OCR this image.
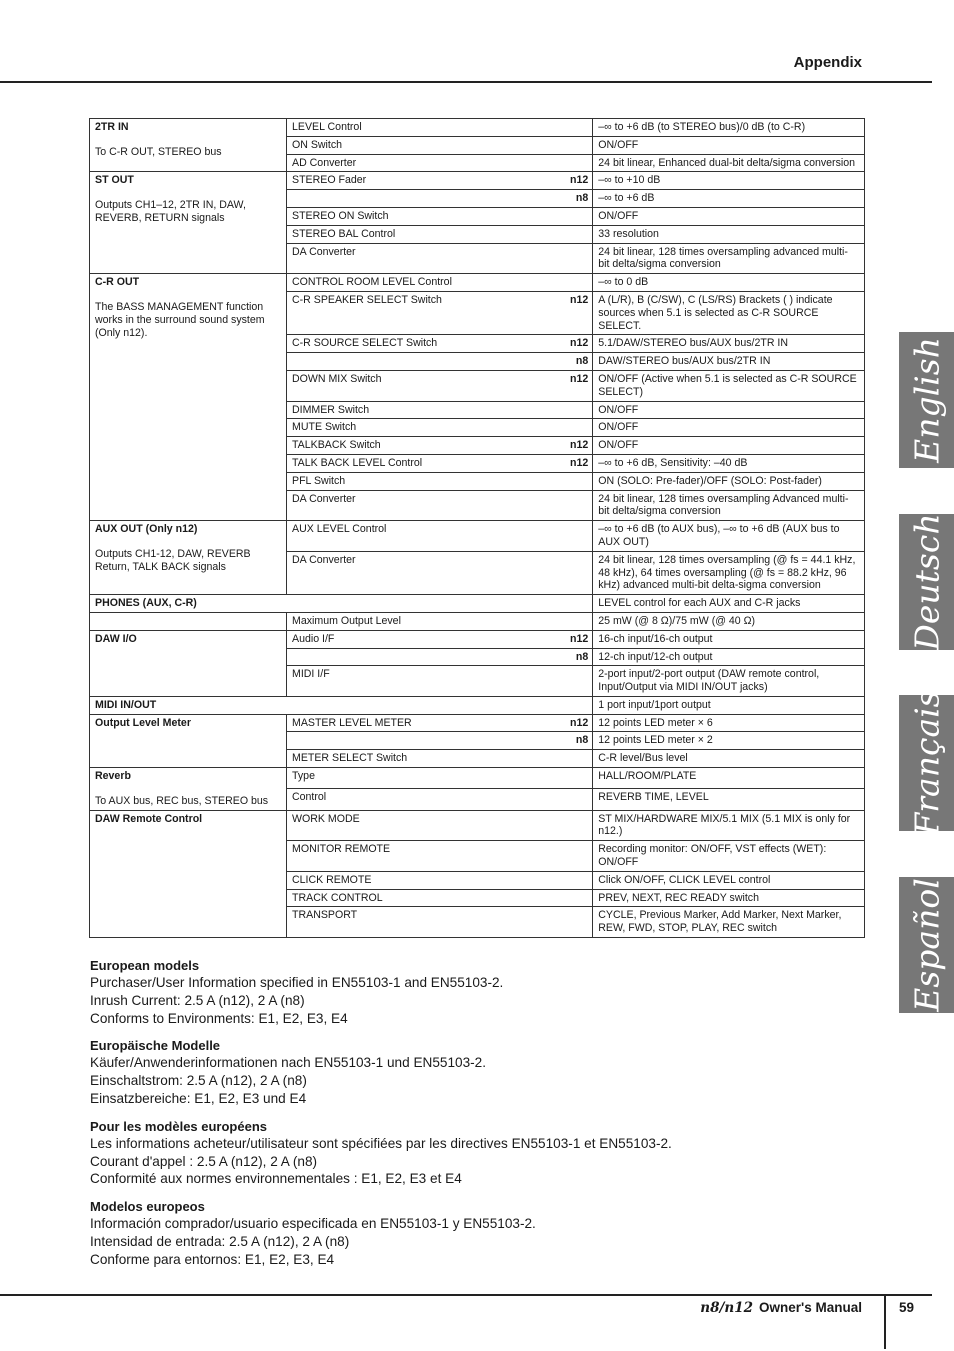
Appendix
2TR IN
To C-R OUT, STEREO bus	LEVEL Control		–∞ to +6 dB (to STEREO bus)/0 dB (to C-R)
	ON Switch		ON/OFF
	AD Converter		24 bit linear, Enhanced dual-bit delta/sigma conversion

ST OUT
Outputs CH1–12, 2TR IN, DAW, REVERB, RETURN signals	STEREO Fader	n12	–∞ to +10 dB
		n8	–∞ to +6 dB
	STEREO ON Switch		ON/OFF
	STEREO BAL Control		33 resolution
	DA Converter		24 bit linear, 128 times oversampling advanced multi-bit delta/sigma conversion

C-R OUT
The BASS MANAGEMENT function works in the surround sound system (Only n12).	CONTROL ROOM LEVEL Control		–∞ to 0 dB
	C-R SPEAKER SELECT Switch	n12	A (L/R), B (C/SW), C (LS/RS) Brackets ( ) indicate sources when 5.1 is selected as C-R SOURCE SELECT.
	C-R SOURCE SELECT Switch	n12	5.1/DAW/STEREO bus/AUX bus/2TR IN
		n8	DAW/STEREO bus/AUX bus/2TR IN
	DOWN MIX Switch	n12	ON/OFF (Active when 5.1 is selected as C-R SOURCE SELECT)
	DIMMER Switch		ON/OFF
	MUTE Switch		ON/OFF
	TALKBACK Switch	n12	ON/OFF
	TALK BACK LEVEL Control	n12	–∞ to +6 dB, Sensitivity: –40 dB
	PFL Switch		ON (SOLO: Pre-fader)/OFF (SOLO: Post-fader)
	DA Converter		24 bit linear, 128 times oversampling Advanced multi-bit delta/sigma conversion

AUX OUT (Only n12)
Outputs CH1-12, DAW, REVERB Return, TALK BACK signals	AUX LEVEL Control		–∞ to +6 dB (to AUX bus), –∞ to +6 dB (AUX bus to AUX OUT)
	DA Converter		24 bit linear, 128 times oversampling (@ fs = 44.1 kHz, 48 kHz), 64 times oversampling (@ fs = 88.2 kHz, 96 kHz) advanced multi-bit delta-sigma conversion

PHONES (AUX, C-R)			LEVEL control for each AUX and C-R jacks
	Maximum Output Level		25 mW (@ 8 Ω)/75 mW (@ 40 Ω)

DAW I/O	Audio I/F	n12	16-ch input/16-ch output
		n8	12-ch input/12-ch output
	MIDI I/F		2-port input/2-port output (DAW remote control, Input/Output via MIDI IN/OUT jacks)

MIDI IN/OUT			1 port input/1port output

Output Level Meter	MASTER LEVEL METER	n12	12 points LED meter × 6
		n8	12 points LED meter × 2
	METER SELECT Switch		C-R level/Bus level

Reverb
To AUX bus, REC bus, STEREO bus	Type		HALL/ROOM/PLATE
	Control		REVERB TIME, LEVEL

DAW Remote Control	WORK MODE		ST MIX/HARDWARE MIX/5.1 MIX (5.1 MIX is only for n12.)
	MONITOR REMOTE		Recording monitor: ON/OFF, VST effects (WET): ON/OFF
	CLICK REMOTE		Click ON/OFF, CLICK LEVEL control
	TRACK CONTROL		PREV, NEXT, REC READY switch
	TRANSPORT		CYCLE, Previous Marker, Add Marker, Next Marker, REW, FWD, STOP, PLAY, REC switch
English
Deutsch
Français
Español
European models
Purchaser/User Information specified in EN55103-1 and EN55103-2.
Inrush Current: 2.5 A (n12), 2 A (n8)
Conforms to Environments: E1, E2, E3, E4
Europäische Modelle
Käufer/Anwenderinformationen nach EN55103-1 und EN55103-2.
Einschaltstrom: 2.5 A (n12), 2 A (n8)
Einsatzbereiche: E1, E2, E3 und E4
Pour les modèles européens
Les informations acheteur/utilisateur sont spécifiées par les directives EN55103-1 et EN55103-2.
Courant d'appel : 2.5 A (n12), 2 A (n8)
Conformité aux normes environnementales : E1, E2, E3 et E4
Modelos europeos
Información comprador/usuario especificada en EN55103-1 y EN55103-2.
Intensidad de entrada: 2.5 A (n12), 2 A (n8)
Conforme para entornos: E1, E2, E3, E4
n8/n12 Owner's Manual	59
